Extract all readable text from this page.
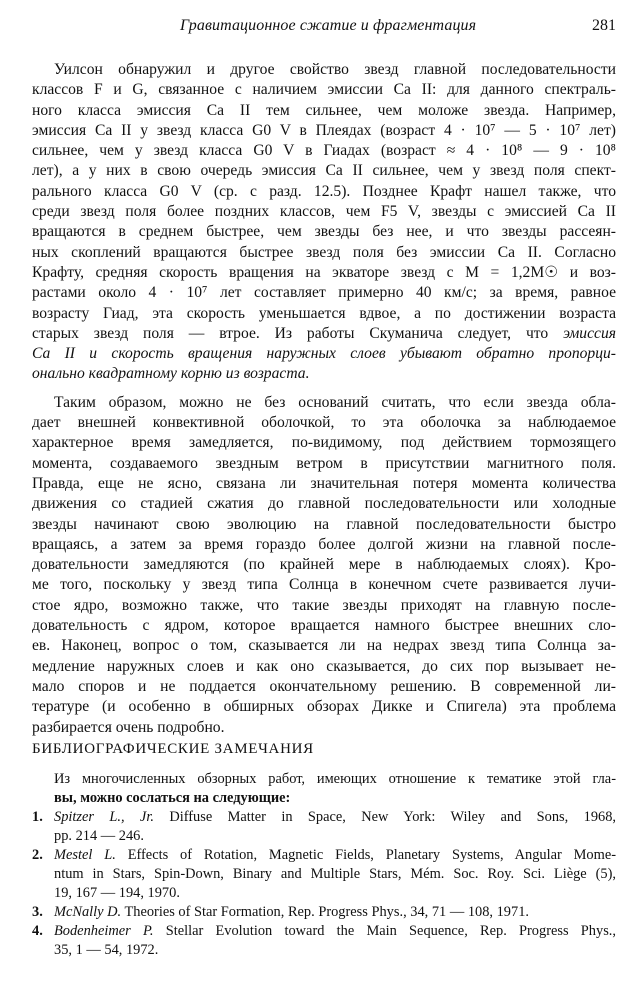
Гравитационное сжатие и фрагментация	281
Уилсон обнаружил и другое свойство звезд главной последовательности
классов F и G, связанное с наличием эмиссии Са II: для данного спектраль-
ного класса эмиссия Са II тем сильнее, чем моложе звезда. Например,
эмиссия Са II у звезд класса G0 V в Плеядах (возраст 4 · 10⁷ — 5 · 10⁷ лет)
сильнее, чем у звезд класса G0 V в Гиадах (возраст ≈ 4 · 10⁸ — 9 · 10⁸
лет), а у них в свою очередь эмиссия Са II сильнее, чем у звезд поля спект-
рального класса G0 V (ср. с разд. 12.5). Позднее Крафт нашел также, что
среди звезд поля более поздних классов, чем F5 V, звезды с эмиссией Са II
вращаются в среднем быстрее, чем звезды без нее, и что звезды рассеян-
ных скоплений вращаются быстрее звезд поля без эмиссии Са II. Согласно
Крафту, средняя скорость вращения на экваторе звезд с M = 1,2M☉ и воз-
растами около 4 · 10⁷ лет составляет примерно 40 км/с; за время, равное
возрасту Гиад, эта скорость уменьшается вдвое, а по достижении возраста
старых звезд поля — втрое. Из работы Скуманича следует, что эмиссия
Са II и скорость вращения наружных слоев убывают обратно пропорци-
онально квадратному корню из возраста.
Таким образом, можно не без оснований считать, что если звезда обла-
дает внешней конвективной оболочкой, то эта оболочка за наблюдаемое
характерное время замедляется, по-видимому, под действием тормозящего
момента, создаваемого звездным ветром в присутствии магнитного поля.
Правда, еще не ясно, связана ли значительная потеря момента количества
движения со стадией сжатия до главной последовательности или холодные
звезды начинают свою эволюцию на главной последовательности быстро
вращаясь, а затем за время гораздо более долгой жизни на главной после-
довательности замедляются (по крайней мере в наблюдаемых слоях). Кро-
ме того, поскольку у звезд типа Солнца в конечном счете развивается лучи-
стое ядро, возможно также, что такие звезды приходят на главную после-
довательность с ядром, которое вращается намного быстрее внешних сло-
ев. Наконец, вопрос о том, сказывается ли на недрах звезд типа Солнца за-
медление наружных слоев и как оно сказывается, до сих пор вызывает не-
мало споров и не поддается окончательному решению. В современной ли-
тературе (и особенно в обширных обзорах Дикке и Спигела) эта проблема
разбирается очень подробно.
БИБЛИОГРАФИЧЕСКИЕ ЗАМЕЧАНИЯ
Из многочисленных обзорных работ, имеющих отношение к тематике этой гла-
вы, можно сослаться на следующие:
1. Spitzer L., Jr. Diffuse Matter in Space, New York: Wiley and Sons, 1968,
pp. 214 — 246.
2. Mestel L. Effects of Rotation, Magnetic Fields, Planetary Systems, Angular Mome-
ntum in Stars, Spin-Down, Binary and Multiple Stars, Mém. Soc. Roy. Sci. Liège (5),
19, 167 — 194, 1970.
3. McNally D. Theories of Star Formation, Rep. Progress Phys., 34, 71 — 108, 1971.
4. Bodenheimer P. Stellar Evolution toward the Main Sequence, Rep. Progress Phys.,
35, 1 — 54, 1972.
